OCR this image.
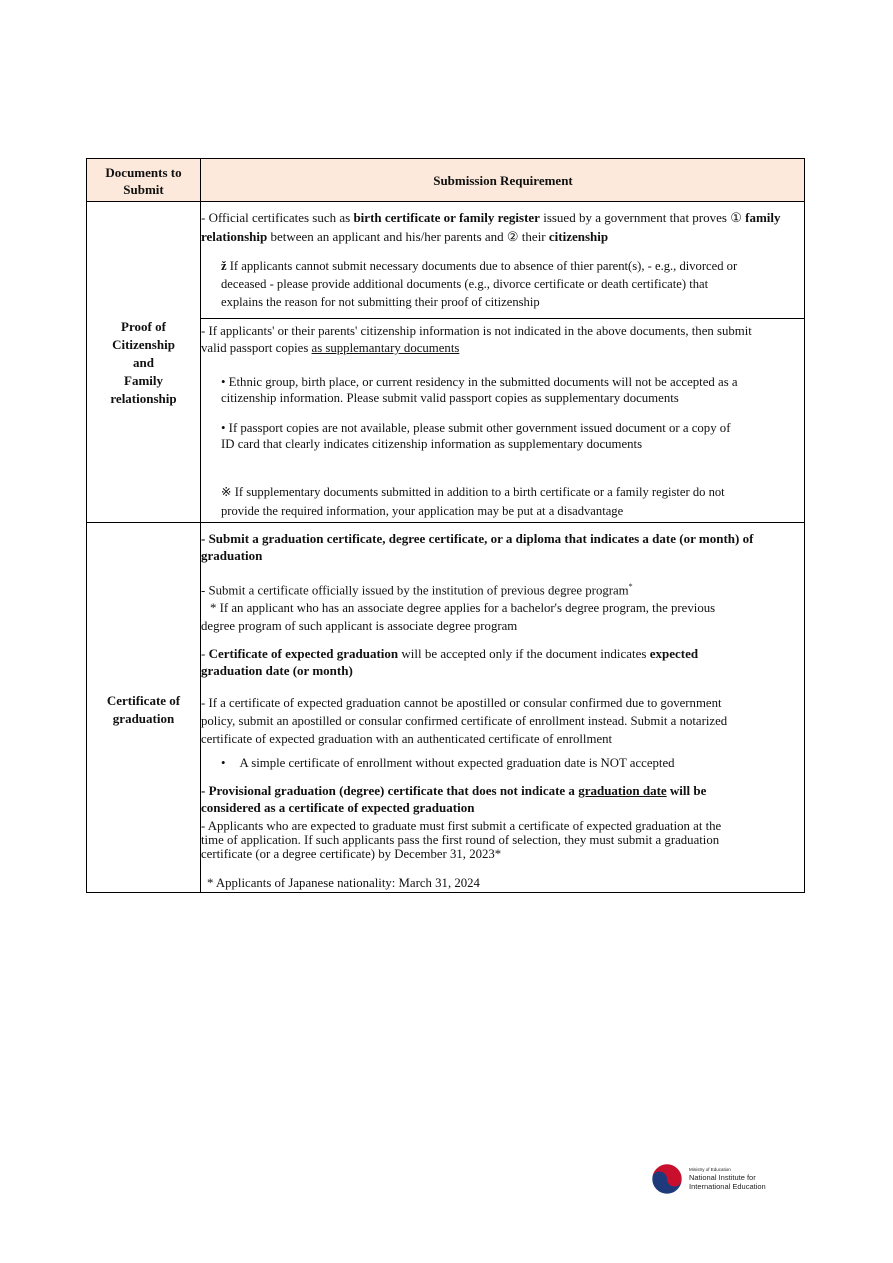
Documents to
Submit
Submission Requirement
Proof of
Citizenship
and
Family
relationship
- Official certificates such as birth certificate or family register issued by a government that proves ① family relationship between an applicant and his/her parents and ② their citizenship
ž If applicants cannot submit necessary documents due to absence of thier parent(s), - e.g., divorced or
deceased - please provide additional documents (e.g., divorce certificate or death certificate) that
explains the reason for not submitting their proof of citizenship
- If applicants' or their parents' citizenship information is not indicated in the above documents, then submit
valid passport copies as supplemantary documents
• Ethnic group, birth place, or current residency in the submitted documents will not be accepted as a
citizenship information. Please submit valid passport copies as supplementary documents
• If passport copies are not available, please submit other government issued document or a copy of
ID card that clearly indicates citizenship information as supplementary documents
※ If supplementary documents submitted in addition to a birth certificate or a family register do not
provide the required information, your application may be put at a disadvantage
Certificate of
graduation
- Submit a graduation certificate, degree certificate, or a diploma that indicates a date (or month) of
graduation
- Submit a certificate officially issued by the institution of previous degree program*
* If an applicant who has an associate degree applies for a bachelor's degree program, the previous
degree program of such applicant is associate degree program
- Certificate of expected graduation will be accepted only if the document indicates expected
graduation date (or month)
- If a certificate of expected graduation cannot be apostilled or consular confirmed due to government
policy, submit an apostilled or consular confirmed certificate of enrollment instead. Submit a notarized
certificate of expected graduation with an authenticated certificate of enrollment
• A simple certificate of enrollment without expected graduation date is NOT accepted
- Provisional graduation (degree) certificate that does not indicate a graduation date will be
considered as a certificate of expected graduation
- Applicants who are expected to graduate must first submit a certificate of expected graduation at the
time of application. If such applicants pass the first round of selection, they must submit a graduation
certificate (or a degree certificate) by December 31, 2023*
* Applicants of Japanese nationality: March 31, 2024
Ministry of Education
National Institute for
International Education
